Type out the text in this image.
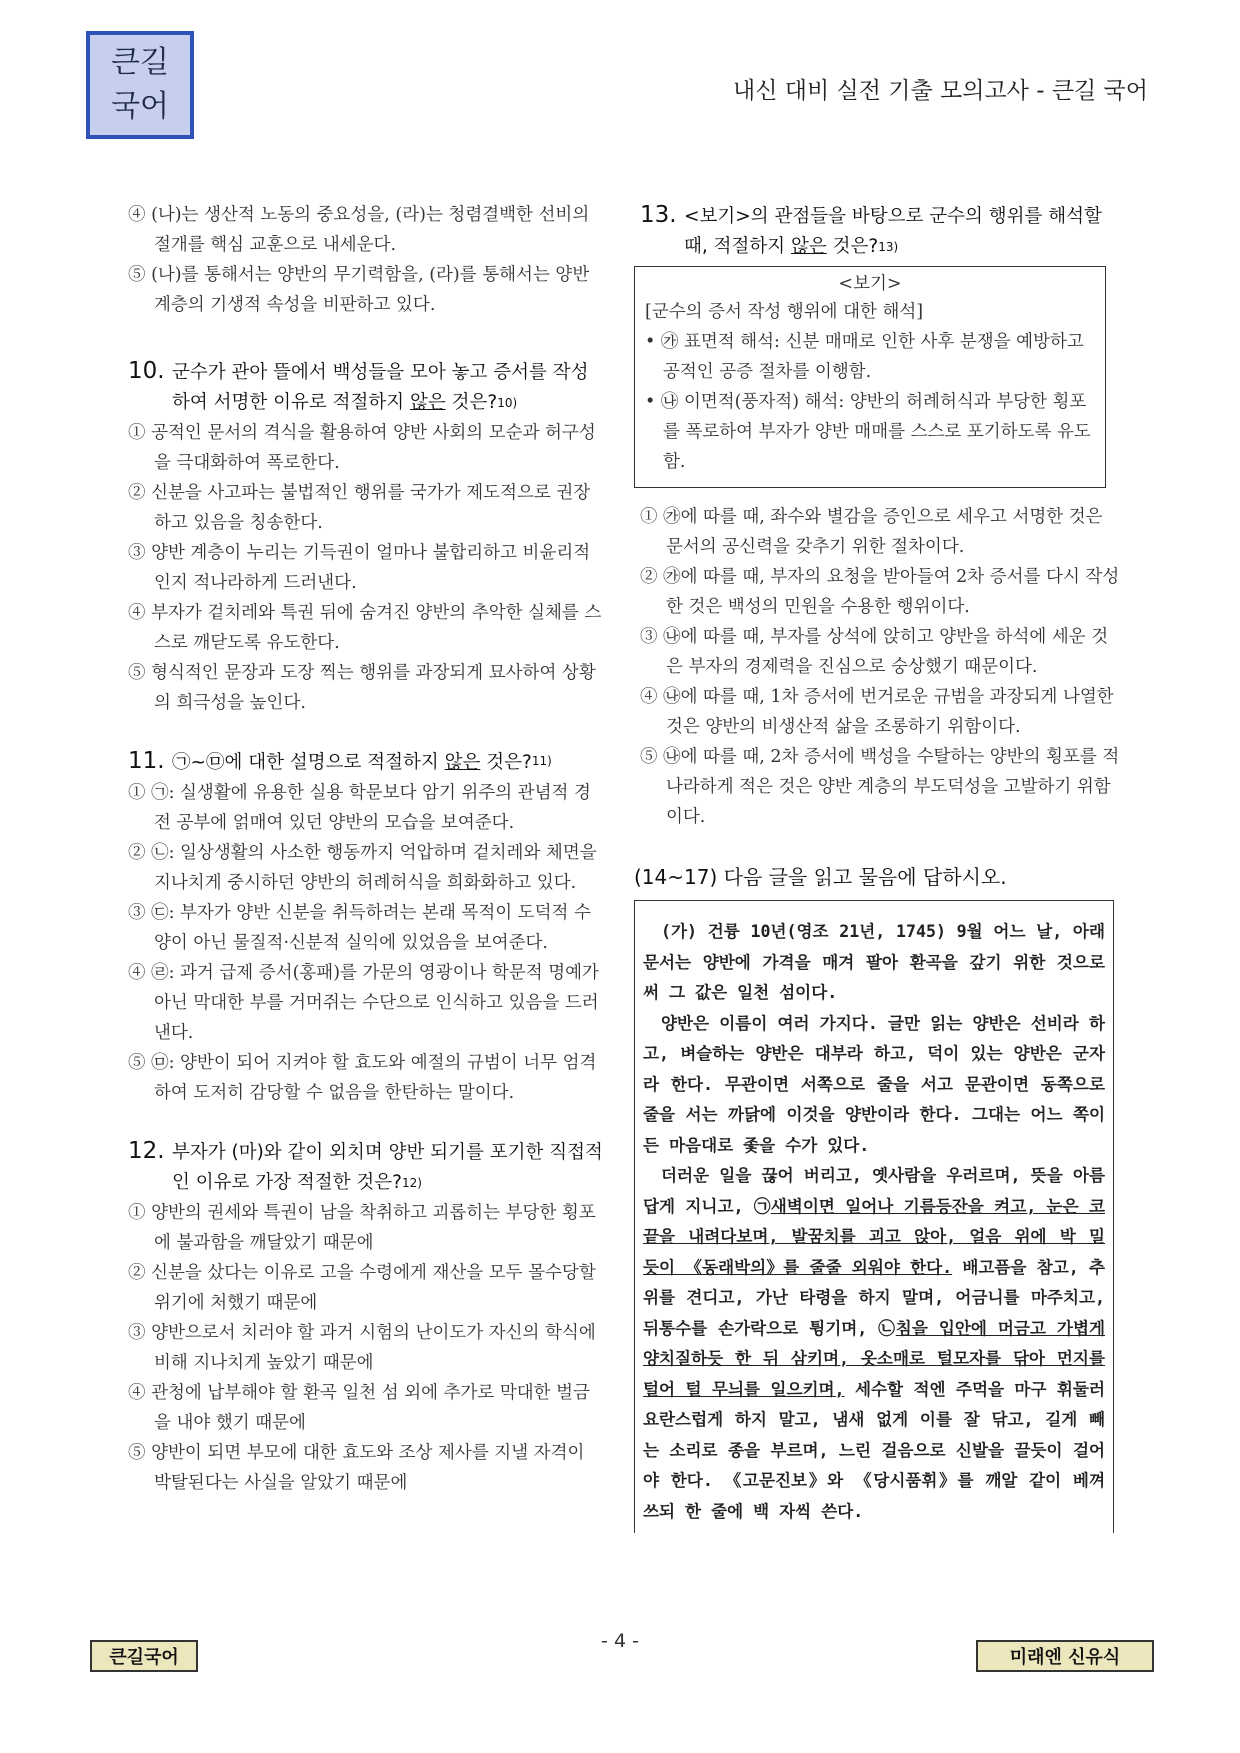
큰길
국어	내신 대비 실전 기출 모의고사 - 큰길 국어
④ (나)는 생산적 노동의 중요성을, (라)는 청렴결백한 선비의 절개를 핵심 교훈으로 내세운다.
⑤ (나)를 통해서는 양반의 무기력함을, (라)를 통해서는 양반 계층의 기생적 속성을 비판하고 있다.
10. 군수가 관아 뜰에서 백성들을 모아 놓고 증서를 작성하여 서명한 이유로 적절하지 않은 것은?$^{10)}$
① 공적인 문서의 격식을 활용하여 양반 사회의 모순과 허구성을 극대화하여 폭로한다.
② 신분을 사고파는 불법적인 행위를 국가가 제도적으로 권장하고 있음을 칭송한다.
③ 양반 계층이 누리는 기득권이 얼마나 불합리하고 비윤리적인지 적나라하게 드러낸다.
④ 부자가 겉치레와 특권 뒤에 숨겨진 양반의 추악한 실체를 스스로 깨닫도록 유도한다.
⑤ 형식적인 문장과 도장 찍는 행위를 과장되게 묘사하여 상황의 희극성을 높인다.
11. ㉠~㉤에 대한 설명으로 적절하지 않은 것은?$^{11)}$
① ㉠: 실생활에 유용한 실용 학문보다 암기 위주의 관념적 경전 공부에 얽매여 있던 양반의 모습을 보여준다.
② ㉡: 일상생활의 사소한 행동까지 억압하며 겉치레와 체면을 지나치게 중시하던 양반의 허례허식을 희화화하고 있다.
③ ㉢: 부자가 양반 신분을 취득하려는 본래 목적이 도덕적 수양이 아닌 물질적·신분적 실익에 있었음을 보여준다.
④ ㉣: 과거 급제 증서(홍패)를 가문의 영광이나 학문적 명예가 아닌 막대한 부를 거머쥐는 수단으로 인식하고 있음을 드러낸다.
⑤ ㉤: 양반이 되어 지켜야 할 효도와 예절의 규범이 너무 엄격하여 도저히 감당할 수 없음을 한탄하는 말이다.
12. 부자가 (마)와 같이 외치며 양반 되기를 포기한 직접적인 이유로 가장 적절한 것은?$^{12)}$
① 양반의 권세와 특권이 남을 착취하고 괴롭히는 부당한 횡포에 불과함을 깨달았기 때문에
② 신분을 샀다는 이유로 고을 수령에게 재산을 모두 몰수당할 위기에 처했기 때문에
③ 양반으로서 치러야 할 과거 시험의 난이도가 자신의 학식에 비해 지나치게 높았기 때문에
④ 관청에 납부해야 할 환곡 일천 섬 외에 추가로 막대한 벌금을 내야 했기 때문에
⑤ 양반이 되면 부모에 대한 효도와 조상 제사를 지낼 자격이 박탈된다는 사실을 알았기 때문에
13. <보기>의 관점들을 바탕으로 군수의 행위를 해석할 때, 적절하지 않은 것은?$^{13)}$
<보기>
[군수의 증서 작성 행위에 대한 해석]
• ㉮ 표면적 해석: 신분 매매로 인한 사후 분쟁을 예방하고 공적인 공증 절차를 이행함.
• ㉯ 이면적(풍자적) 해석: 양반의 허례허식과 부당한 횡포를 폭로하여 부자가 양반 매매를 스스로 포기하도록 유도함.
① ㉮에 따를 때, 좌수와 별감을 증인으로 세우고 서명한 것은 문서의 공신력을 갖추기 위한 절차이다.
② ㉮에 따를 때, 부자의 요청을 받아들여 2차 증서를 다시 작성한 것은 백성의 민원을 수용한 행위이다.
③ ㉯에 따를 때, 부자를 상석에 앉히고 양반을 하석에 세운 것은 부자의 경제력을 진심으로 숭상했기 때문이다.
④ ㉯에 따를 때, 1차 증서에 번거로운 규범을 과장되게 나열한 것은 양반의 비생산적 삶을 조롱하기 위함이다.
⑤ ㉯에 따를 때, 2차 증서에 백성을 수탈하는 양반의 횡포를 적나라하게 적은 것은 양반 계층의 부도덕성을 고발하기 위함이다.
(14~17) 다음 글을 읽고 물음에 답하시오.

(가) 건륭 10년(영조 21년, 1745) 9월 어느 날, 아래 문서는 양반에 가격을 매겨 팔아 환곡을 갚기 위한 것으로써 그 값은 일천 섬이다.

양반은 이름이 여러 가지다. 글만 읽는 양반은 선비라 하고, 벼슬하는 양반은 대부라 하고, 덕이 있는 양반은 군자라 한다. 무관이면 서쪽으로 줄을 서고 문관이면 동쪽으로 줄을 서는 까닭에 이것을 양반이라 한다. 그대는 어느 쪽이든 마음대로 좇을 수가 있다.

더러운 일을 끊어 버리고, 옛사람을 우러르며, 뜻을 아름답게 지니고, ㉠새벽이면 일어나 기름등잔을 켜고, 눈은 코끝을 내려다보며, 발꿈치를 괴고 앉아, 얼음 위에 박 밀 듯이 《동래박의》를 줄줄 외워야 한다. 배고픔을 참고, 추위를 견디고, 가난 타령을 하지 말며, 어금니를 마주치고, 뒤통수를 손가락으로 튕기며, ㉡침을 입안에 머금고 가볍게 양치질하듯 한 뒤 삼키며, 옷소매로 털모자를 닦아 먼지를 털어 털 무늬를 일으키며, 세수할 적엔 주먹을 마구 휘둘러 요란스럽게 하지 말고, 냄새 없게 이를 잘 닦고, 길게 빼는 소리로 종을 부르며, 느린 걸음으로 신발을 끌듯이 걸어야 한다. 《고문진보》와 《당시품휘》를 깨알 같이 베껴 쓰되 한 줄에 백 자씩 쓴다.

큰길국어
- 4 -
미래엔 신유식
